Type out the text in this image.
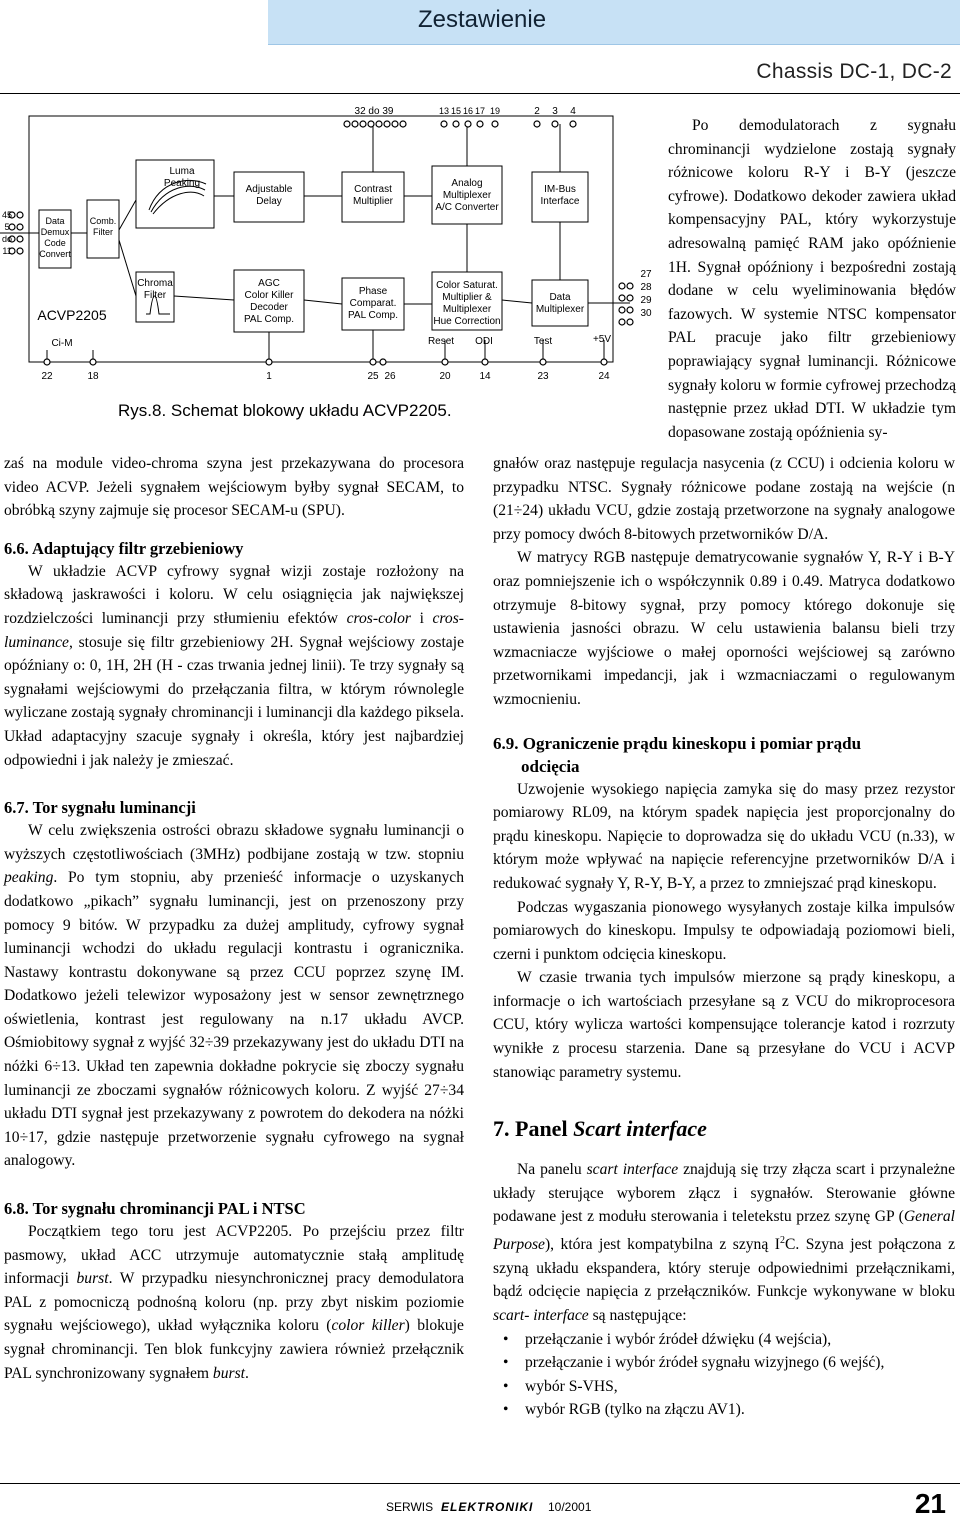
Zestawienie
Chassis DC-1, DC-2
45
5
do
11
Data
Demux
Code
Convert
Comb.
Filter
Luma
Peaking
Chroma
Filter
Adjustable
Delay
AGC
Color Killer
Decoder
PAL Comp.
Contrast
Multiplier
Phase
Comparat.
PAL Comp.
Analog
Multiplexer
A/C Converter
Color Saturat.
Multiplier &
Multiplexer
Hue Correction
IM-Bus
Interface
Data
Multiplexer
ACVP2205
Ci-M	Reset ODI	Test	+5V
32 do 39	13 15 16 17 19	2 3 4
27
28
29
30
22	18	1	25 26	20	14	23	24
Rys.8. Schemat blokowy układu ACVP2205.

zaś na module video-chroma szyna jest przekazywana do procesora video ACVP. Jeżeli sygnałem wejściowym byłby sygnał SECAM, to obróbką szyny zajmuje się procesor SECAM-u (SPU).

6.6. Adaptujący filtr grzebieniowy

W układzie ACVP cyfrowy sygnał wizji zostaje rozłożony na składową jaskrawości i koloru. W celu osiągnięcia jak największej rozdzielczości luminancji przy stłumieniu efektów cros-color i cros-luminance, stosuje się filtr grzebieniowy 2H. Sygnał wejściowy zostaje opóźniany o: 0, 1H, 2H (H - czas trwania jednej linii). Te trzy sygnały są sygnałami wejściowymi do przełączania filtra, w którym równolegle wyliczane zostają sygnały chrominancji i luminancji dla każdego piksela. Układ adaptacyjny szacuje sygnały i określa, który jest najbardziej odpowiedni i jak należy je zmieszać.

6.7. Tor sygnału luminancji

W celu zwiększenia ostrości obrazu składowe sygnału luminancji o wyższych częstotliwościach (3MHz) podbijane zostają w tzw. stopniu peaking. Po tym stopniu, aby przenieść informacje o uzyskanych dodatkowo „pikach” sygnału luminancji, jest on przenoszony przy pomocy 9 bitów. W przypadku za dużej amplitudy, cyfrowy sygnał luminancji wchodzi do układu regulacji kontrastu i ogranicznika. Nastawy kontrastu dokonywane są przez CCU poprzez szynę IM. Dodatkowo jeżeli telewizor wyposażony jest w sensor zewnętrznego oświetlenia, kontrast jest regulowany na n.17 układu AVCP. Ośmiobitowy sygnał z wyjść 32÷39 przekazywany jest do układu DTI na nóżki 6÷13. Układ ten zapewnia dokładne pokrycie się zboczy sygnału luminancji ze zboczami sygnałów różnicowych koloru. Z wyjść 27÷34 układu DTI sygnał jest przekazywany z powrotem do dekodera na nóżki 10÷17, gdzie następuje przetworzenie sygnału cyfrowego na sygnał analogowy.

6.8. Tor sygnału chrominancji PAL i NTSC

Początkiem tego toru jest ACVP2205. Po przejściu przez filtr pasmowy, układ ACC utrzymuje automatycznie stałą amplitudę informacji burst. W przypadku niesynchronicznej pracy demodulatora PAL z pomocniczą podnośną koloru (np. przy zbyt niskim poziomie sygnału wejściowego), układ wyłącznika koloru (color killer) blokuje sygnał chrominancji. Ten blok funkcyjny zawiera również przełącznik PAL synchronizowany sygnałem burst.

Po demodulatorach z sygnału chrominancji wydzielone zostają sygnały różnicowe koloru R-Y i B-Y (jeszcze cyfrowe). Dodatkowo dekoder zawiera układ kompensacyjny PAL, który wykorzystuje adresowalną pamięć RAM jako opóźnienie 1H. Sygnał opóźniony i bezpośredni zostają dodane w celu wyeliminowania błędów fazowych. W systemie NTSC kompensator PAL pracuje jako filtr grzebieniowy poprawiający sygnał luminancji. Różnicowe sygnały koloru w formie cyfrowej przechodzą następnie przez układ DTI. W układzie tym dopasowane zostają opóźnienia sy-

gnałów oraz następuje regulacja nasycenia (z CCU) i odcienia koloru w przypadku NTSC. Sygnały różnicowe podane zostają na wejście (n (21÷24) układu VCU, gdzie zostają przetworzone na sygnały analogowe przy pomocy dwóch 8-bitowych przetworników D/A.

W matrycy RGB następuje dematrycowanie sygnałów Y, R-Y i B-Y oraz pomniejszenie ich o współczynnik 0.89 i 0.49. Matryca dodatkowo otrzymuje 8-bitowy sygnał, przy pomocy którego dokonuje się ustawienia jasności obrazu. W celu ustawienia balansu bieli trzy wzmacniacze wyjściowe o małej oporności wejściowej są zarówno przetwornikami impedancji, jak i wzmacniaczami o regulowanym wzmocnieniu.

6.9. Ograniczenie prądu kineskopu i pomiar prądu
odcięcia

Uzwojenie wysokiego napięcia zamyka się do masy przez rezystor pomiarowy RL09, na którym spadek napięcia jest proporcjonalny do prądu kineskopu. Napięcie to doprowadza się do układu VCU (n.33), w którym może wpływać na napięcie referencyjne przetworników D/A i redukować sygnały Y, R-Y, B-Y, a przez to zmniejszać prąd kineskopu.

Podczas wygaszania pionowego wysyłanych zostaje kilka impulsów pomiarowych do kineskopu. Impulsy te odpowiadają poziomowi bieli, czerni i punktom odcięcia kineskopu.

W czasie trwania tych impulsów mierzone są prądy kineskopu, a informacje o ich wartościach przesyłane są z VCU do mikroprocesora CCU, który wylicza wartości kompensujące tolerancje katod i rozrzuty wynikłe z procesu starzenia. Dane są przesyłane do VCU i ACVP stanowiąc parametry systemu.

7. Panel Scart interface

Na panelu scart interface znajdują się trzy złącza scart i przynależne układy sterujące wyborem złącz i sygnałów. Sterowanie główne podawane jest z modułu sterowania i teletekstu przez szynę GP (General Purpose), która jest kompatybilna z szyną $I^2C$. Szyna jest połączona z szyną układu ekspandera, który steruje odpowiednimi przełącznikami, bądź odcięcie napięcia z przełączników. Funkcje wykonywane w bloku scart- interface są następujące:

• przełączanie i wybór źródeł dźwięku (4 wejścia),
• przełączanie i wybór źródeł sygnału wizyjnego (6 wejść),
• wybór S-VHS,
• wybór RGB (tylko na złączu AV1).
SERWIS ELEKTRONIKI 10/2001	21
